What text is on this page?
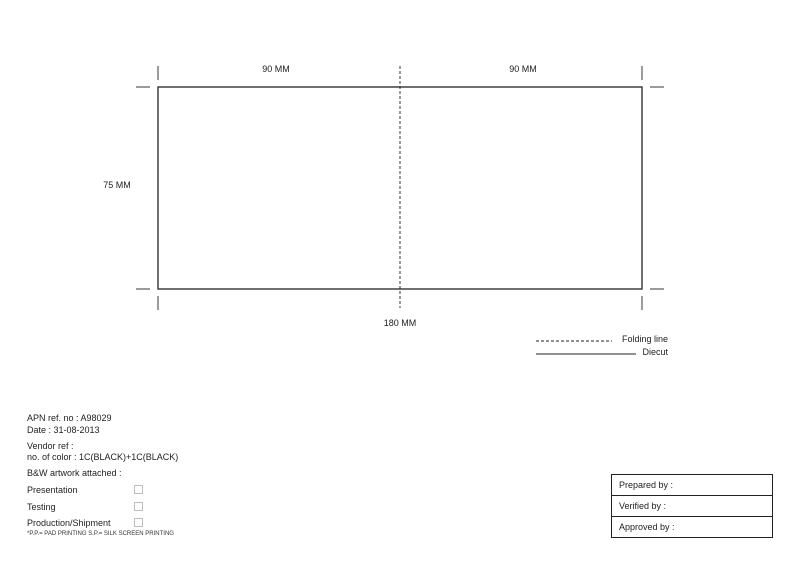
90 MM	90 MM
75 MM
180 MM
Folding line
Diecut
APN ref. no : A98029
Date : 31-08-2013
Vendor ref :
no. of color : 1C(BLACK)+1C(BLACK)
B&W artwork attached :
Presentation
Testing
Production/Shipment
*P.P.= PAD PRINTING S.P.= SILK SCREEN PRINTING
Prepared by :
Verified by :
Approved by :
